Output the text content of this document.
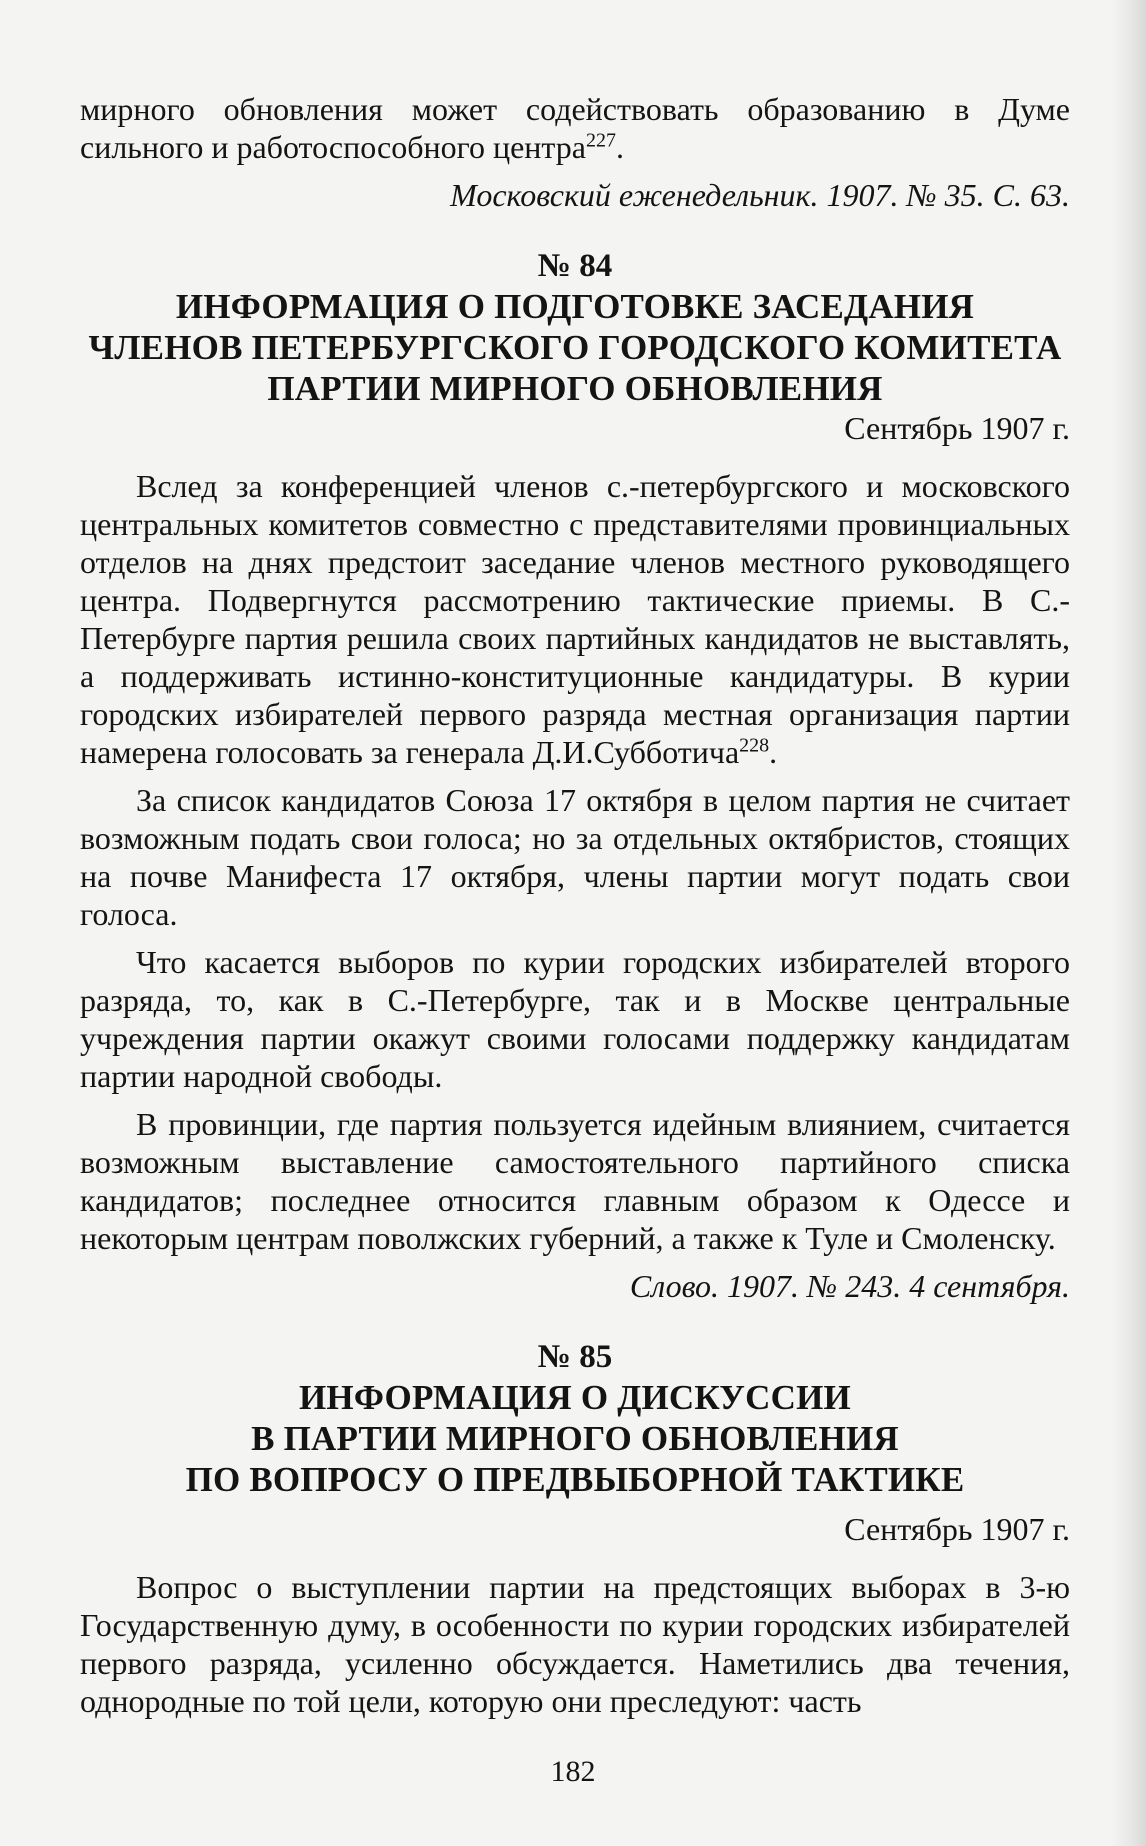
мирного обновления может содействовать образованию в Думе сильного и работоспособного центра$^{227}$.

Московский еженедельник. 1907. № 35. С. 63.
№ 84
ИНФОРМАЦИЯ О ПОДГОТОВКЕ ЗАСЕДАНИЯ
ЧЛЕНОВ ПЕТЕРБУРГСКОГО ГОРОДСКОГО КОМИТЕТА
ПАРТИИ МИРНОГО ОБНОВЛЕНИЯ
Сентябрь 1907 г.

Вслед за конференцией членов с.-петербургского и московского центральных комитетов совместно с представителями провинциальных отделов на днях предстоит заседание членов местного руководящего центра. Подвергнутся рассмотрению тактические приемы. В С.-Петербурге партия решила своих партийных кандидатов не выставлять, а поддерживать истинно-конституционные кандидатуры. В курии городских избирателей первого разряда местная организация партии намерена голосовать за генерала Д.И.Субботича$^{228}$.

За список кандидатов Союза 17 октября в целом партия не считает возможным подать свои голоса; но за отдельных октябристов, стоящих на почве Манифеста 17 октября, члены партии могут подать свои голоса.

Что касается выборов по курии городских избирателей второго разряда, то, как в С.-Петербурге, так и в Москве центральные учреждения партии окажут своими голосами поддержку кандидатам партии народной свободы.

В провинции, где партия пользуется идейным влиянием, считается возможным выставление самостоятельного партийного списка кандидатов; последнее относится главным образом к Одессе и некоторым центрам поволжских губерний, а также к Туле и Смоленску.

Слово. 1907. № 243. 4 сентября.
№ 85
ИНФОРМАЦИЯ О ДИСКУССИИ
В ПАРТИИ МИРНОГО ОБНОВЛЕНИЯ
ПО ВОПРОСУ О ПРЕДВЫБОРНОЙ ТАКТИКЕ
Сентябрь 1907 г.

Вопрос о выступлении партии на предстоящих выборах в 3-ю Государственную думу, в особенности по курии городских избирателей первого разряда, усиленно обсуждается. Наметились два течения, однородные по той цели, которую они преследуют: часть

182
